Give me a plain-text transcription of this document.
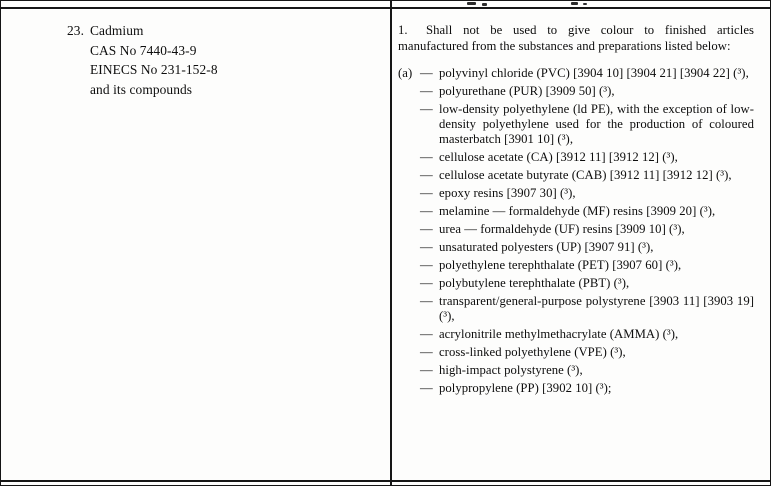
23. Cadmium
CAS No 7440-43-9
EINECS No 231-152-8
and its compounds

1. Shall not be used to give colour to finished articles manufactured from the substances and preparations listed below:

(a) — polyvinyl chloride (PVC) [3904 10] [3904 21] [3904 22] (³),
— polyurethane (PUR) [3909 50] (³),
— low-density polyethylene (ld PE), with the exception of low-density polyethylene used for the production of coloured masterbatch [3901 10] (³),
— cellulose acetate (CA) [3912 11] [3912 12] (³),
— cellulose acetate butyrate (CAB) [3912 11] [3912 12] (³),
— epoxy resins [3907 30] (³),
— melamine — formaldehyde (MF) resins [3909 20] (³),
— urea — formaldehyde (UF) resins [3909 10] (³),
— unsaturated polyesters (UP) [3907 91] (³),
— polyethylene terephthalate (PET) [3907 60] (³),
— polybutylene terephthalate (PBT) (³),
— transparent/general-purpose polystyrene [3903 11] [3903 19] (³),
— acrylonitrile methylmethacrylate (AMMA) (³),
— cross-linked polyethylene (VPE) (³),
— high-impact polystyrene (³),
— polypropylene (PP) [3902 10] (³);
